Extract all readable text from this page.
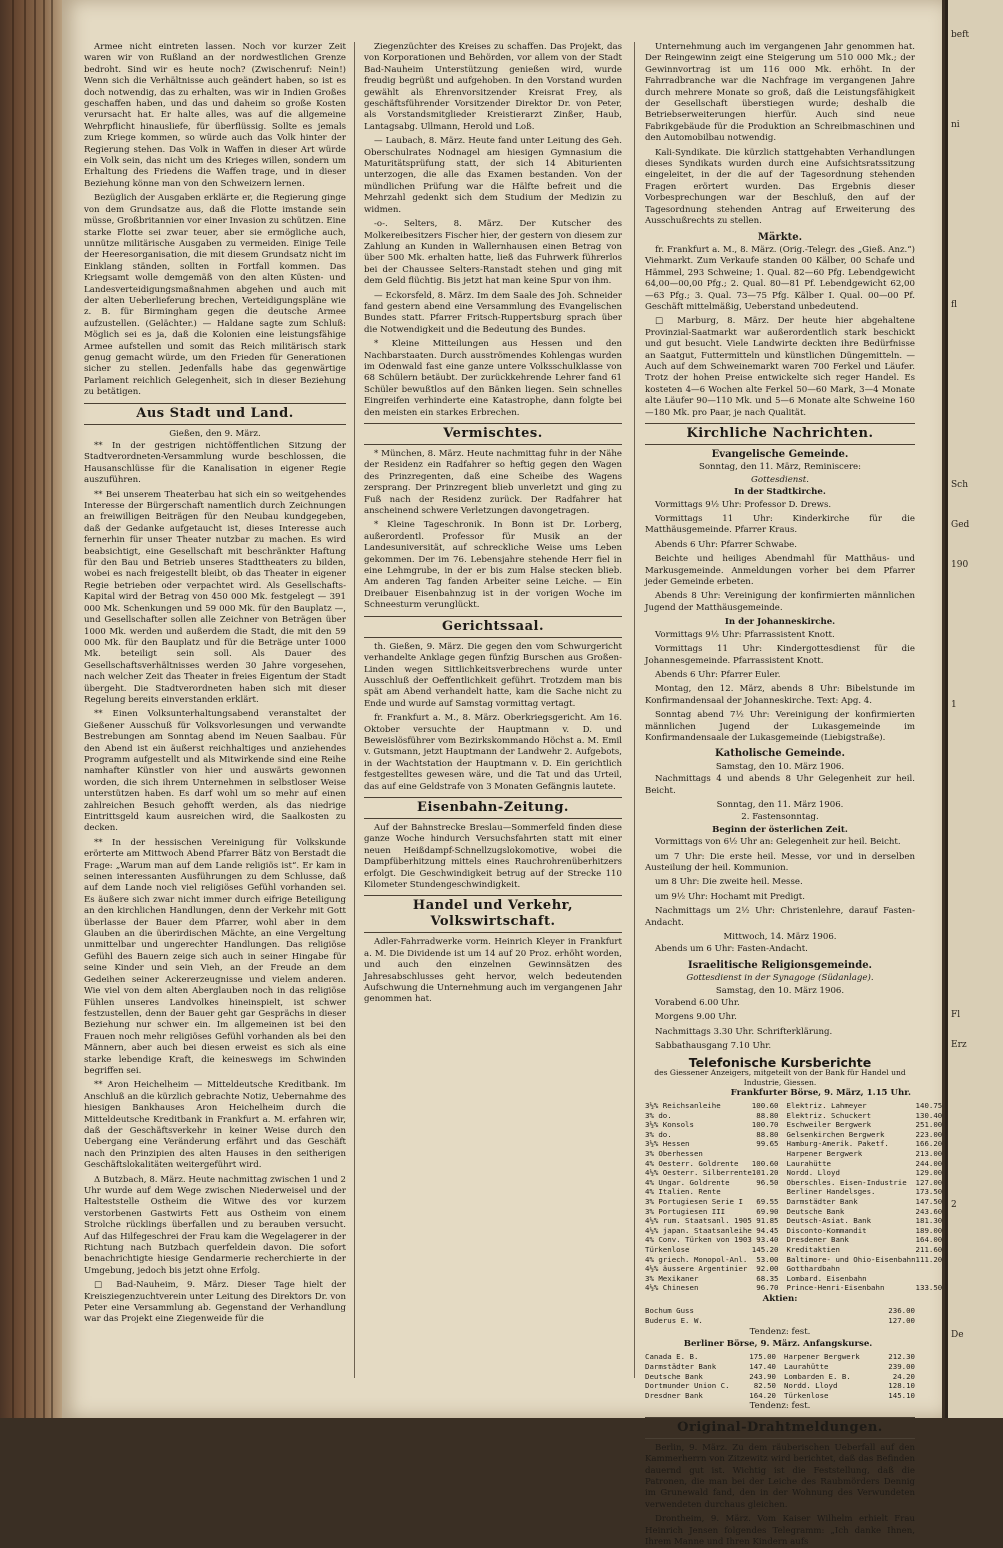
Armee nicht eintreten lassen. Noch vor kurzer Zeit waren wir von Rußland an der nordwestlichen Grenze bedroht. Sind wir es heute noch? (Zwischenruf: Nein!) Wenn sich die Verhältnisse auch geändert haben, so ist es doch notwendig, das zu erhalten, was wir in Indien Großes geschaffen haben, und das und daheim so große Kosten verursacht hat. Er halte alles, was auf die allgemeine Wehrpflicht hinausliefe, für überflüssig. Sollte es jemals zum Kriege kommen, so würde auch das Volk hinter der Regierung stehen. Das Volk in Waffen in dieser Art würde ein Volk sein, das nicht um des Krieges willen, sondern um Erhaltung des Friedens die Waffen trage, und in dieser Beziehung könne man von den Schweizern lernen.

Bezüglich der Ausgaben erklärte er, die Regierung ginge von dem Grundsatze aus, daß die Flotte imstande sein müsse, Großbritannien vor einer Invasion zu schützen. Eine starke Flotte sei zwar teuer, aber sie ermögliche auch, unnütze militärische Ausgaben zu vermeiden. Einige Teile der Heeresorganisation, die mit diesem Grundsatz nicht im Einklang ständen, sollten in Fortfall kommen. Das Kriegsamt wolle demgemäß von den alten Küsten- und Landesverteidigungsmaßnahmen abgehen und auch mit der alten Ueberlieferung brechen, Verteidigungspläne wie z. B. für Birmingham gegen die deutsche Armee aufzustellen. (Gelächter.) — Haldane sagte zum Schluß: Möglich sei es ja, daß die Kolonien eine leistungsfähige Armee aufstellen und somit das Reich militärisch stark genug gemacht würde, um den Frieden für Generationen sicher zu stellen. Jedenfalls habe das gegenwärtige Parlament reichlich Gelegenheit, sich in dieser Beziehung zu betätigen.

Aus Stadt und Land.
Gießen, den 9. März.

** In der gestrigen nichtöffentlichen Sitzung der Stadtverordneten-Versammlung wurde beschlossen, die Hausanschlüsse für die Kanalisation in eigener Regie auszuführen.

** Bei unserem Theaterbau hat sich ein so weitgehendes Interesse der Bürgerschaft namentlich durch Zeichnungen an freiwilligen Beiträgen für den Neubau kundgegeben, daß der Gedanke aufgetaucht ist, dieses Interesse auch fernerhin für unser Theater nutzbar zu machen. Es wird beabsichtigt, eine Gesellschaft mit beschränkter Haftung für den Bau und Betrieb unseres Stadttheaters zu bilden, wobei es nach freigestellt bleibt, ob das Theater in eigener Regie betrieben oder verpachtet wird. Als Gesellschafts-Kapital wird der Betrag von 450 000 Mk. festgelegt — 391 000 Mk. Schenkungen und 59 000 Mk. für den Bauplatz —, und Gesellschafter sollen alle Zeichner von Beträgen über 1000 Mk. werden und außerdem die Stadt, die mit den 59 000 Mk. für den Bauplatz und für die Beträge unter 1000 Mk. beteiligt sein soll. Als Dauer des Gesellschaftsverhältnisses werden 30 Jahre vorgesehen, nach welcher Zeit das Theater in freies Eigentum der Stadt übergeht. Die Stadtverordneten haben sich mit dieser Regelung bereits einverstanden erklärt.

** Einen Volksunterhaltungsabend veranstaltet der Gießener Ausschuß für Volksvorlesungen und verwandte Bestrebungen am Sonntag abend im Neuen Saalbau. Für den Abend ist ein äußerst reichhaltiges und anziehendes Programm aufgestellt und als Mitwirkende sind eine Reihe namhafter Künstler von hier und auswärts gewonnen worden, die sich ihrem Unternehmen in selbstloser Weise unterstützen haben. Es darf wohl um so mehr auf einen zahlreichen Besuch gehofft werden, als das niedrige Eintrittsgeld kaum ausreichen wird, die Saalkosten zu decken.

** In der hessischen Vereinigung für Volkskunde erörterte am Mittwoch Abend Pfarrer Bätz von Berstadt die Frage: „Warum man auf dem Lande religiös ist“. Er kam in seinen interessanten Ausführungen zu dem Schlusse, daß auf dem Lande noch viel religiöses Gefühl vorhanden sei. Es äußere sich zwar nicht immer durch eifrige Beteiligung an den kirchlichen Handlungen, denn der Verkehr mit Gott überlasse der Bauer dem Pfarrer, wohl aber in dem Glauben an die überirdischen Mächte, an eine Vergeltung unmittelbar und ungerechter Handlungen. Das religiöse Gefühl des Bauern zeige sich auch in seiner Hingabe für seine Kinder und sein Vieh, an der Freude an dem Gedeihen seiner Ackererzeugnisse und vielem anderen. Wie viel von dem alten Aberglauben noch in das religiöse Fühlen unseres Landvolkes hineinspielt, ist schwer festzustellen, denn der Bauer geht gar Gesprächs in dieser Beziehung nur schwer ein. Im allgemeinen ist bei den Frauen noch mehr religiöses Gefühl vorhanden als bei den Männern, aber auch bei diesen erweist es sich als eine starke lebendige Kraft, die keineswegs im Schwinden begriffen sei.

** Aron Heichelheim — Mitteldeutsche Kreditbank. Im Anschluß an die kürzlich gebrachte Notiz, Uebernahme des hiesigen Bankhauses Aron Heichelheim durch die Mitteldeutsche Kreditbank in Frankfurt a. M. erfahren wir, daß der Geschäftsverkehr in keiner Weise durch den Uebergang eine Veränderung erfährt und das Geschäft nach den Prinzipien des alten Hauses in den seitherigen Geschäftslokalitäten weitergeführt wird.

Δ Butzbach, 8. März. Heute nachmittag zwischen 1 und 2 Uhr wurde auf dem Wege zwischen Niederweisel und der Halteststelle Ostheim die Witwe des vor kurzem verstorbenen Gastwirts Fett aus Ostheim von einem Strolche rücklings überfallen und zu berauben versucht. Auf das Hilfegeschrei der Frau kam die Wegelagerer in der Richtung nach Butzbach querfeldein davon. Die sofort benachrichtigte hiesige Gendarmerie recherchierte in der Umgebung, jedoch bis jetzt ohne Erfolg.

□ Bad-Nauheim, 9. März. Dieser Tage hielt der Kreisziegenzuchtverein unter Leitung des Direktors Dr. von Peter eine Versammlung ab. Gegenstand der Verhandlung war das Projekt eine Ziegenweide für die

Ziegenzüchter des Kreises zu schaffen. Das Projekt, das von Korporationen und Behörden, vor allem von der Stadt Bad-Nauheim Unterstützung genießen wird, wurde freudig begrüßt und aufgehoben. In den Vorstand wurden gewählt als Ehrenvorsitzender Kreisrat Frey, als geschäftsführender Vorsitzender Direktor Dr. von Peter, als Vorstandsmitglieder Kreistierarzt Zinßer, Haub, Lantagsabg. Ullmann, Herold und Loß.

— Laubach, 8. März. Heute fand unter Leitung des Geh. Oberschulrates Nodnagel am hiesigen Gymnasium die Maturitätsprüfung statt, der sich 14 Abiturienten unterzogen, die alle das Examen bestanden. Von der mündlichen Prüfung war die Hälfte befreit und die Mehrzahl gedenkt sich dem Studium der Medizin zu widmen.

-o-. Selters, 8. März. Der Kutscher des Molkereibesitzers Fischer hier, der gestern von diesem zur Zahlung an Kunden in Wallernhausen einen Betrag von über 500 Mk. erhalten hatte, ließ das Fuhrwerk führerlos bei der Chaussee Selters-Ranstadt stehen und ging mit dem Geld flüchtig. Bis jetzt hat man keine Spur von ihm.

— Eckorsfeld, 8. März. Im dem Saale des Joh. Schneider fand gestern abend eine Versammlung des Evangelischen Bundes statt. Pfarrer Fritsch-Ruppertsburg sprach über die Notwendigkeit und die Bedeutung des Bundes.

* Kleine Mitteilungen aus Hessen und den Nachbarstaaten. Durch ausströmendes Kohlengas wurden im Odenwald fast eine ganze untere Volksschulklasse von 68 Schülern betäubt. Der zurückkehrende Lehrer fand 61 Schüler bewußtlos auf den Bänken liegen. Sein schnelles Eingreifen verhinderte eine Katastrophe, dann folgte bei den meisten ein starkes Erbrechen.

Vermischtes.

* München, 8. März. Heute nachmittag fuhr in der Nähe der Residenz ein Radfahrer so heftig gegen den Wagen des Prinzregenten, daß eine Scheibe des Wagens zersprang. Der Prinzregent blieb unverletzt und ging zu Fuß nach der Residenz zurück. Der Radfahrer hat anscheinend schwere Verletzungen davongetragen.

* Kleine Tageschronik. In Bonn ist Dr. Lorberg, außerordentl. Professor für Musik an der Landesuniversität, auf schreckliche Weise ums Leben gekommen. Der im 76. Lebensjahre stehende Herr fiel in eine Lehmgrube, in der er bis zum Halse stecken blieb. Am anderen Tag fanden Arbeiter seine Leiche. — Ein Dreibauer Eisenbahnzug ist in der vorigen Woche im Schneesturm verunglückt.

Gerichtssaal.

th. Gießen, 9. März. Die gegen den vom Schwurgericht verhandelte Anklage gegen fünfzig Burschen aus Großen-Linden wegen Sittlichkeitsverbrechens wurde unter Ausschluß der Oeffentlichkeit geführt. Trotzdem man bis spät am Abend verhandelt hatte, kam die Sache nicht zu Ende und wurde auf Samstag vormittag vertagt.

fr. Frankfurt a. M., 8. März. Oberkriegsgericht. Am 16. Oktober versuchte der Hauptmann v. D. und Beweislösführer vom Bezirkskommando Höchst a. M. Emil v. Gutsmann, jetzt Hauptmann der Landwehr 2. Aufgebots, in der Wachtstation der Hauptmann v. D. Ein gerichtlich festgestelltes gewesen wäre, und die Tat und das Urteil, das auf eine Geldstrafe von 3 Monaten Gefängnis lautete.

Eisenbahn-Zeitung.

Auf der Bahnstrecke Breslau—Sommerfeld finden diese ganze Woche hindurch Versuchsfahrten statt mit einer neuen Heißdampf-Schnellzugslokomotive, wobei die Dampfüberhitzung mittels eines Rauchrohrenüberhitzers erfolgt. Die Geschwindigkeit betrug auf der Strecke 110 Kilometer Stundengeschwindigkeit.

Handel und Verkehr, Volkswirtschaft.

Adler-Fahrradwerke vorm. Heinrich Kleyer in Frankfurt a. M. Die Dividende ist um 14 auf 20 Proz. erhöht worden, und auch den einzelnen Gewinnsätzen des Jahresabschlusses geht hervor, welch bedeutenden Aufschwung die Unternehmung auch im vergangenen Jahr genommen hat.

Unternehmung auch im vergangenen Jahr genommen hat. Der Reingewinn zeigt eine Steigerung um 510 000 Mk.; der Gewinnvortrag ist um 116 000 Mk. erhöht. In der Fahrradbranche war die Nachfrage im vergangenen Jahre durch mehrere Monate so groß, daß die Leistungsfähigkeit der Gesellschaft überstiegen wurde; deshalb die Betriebserweiterungen hierfür. Auch sind neue Fabrikgebäude für die Produktion an Schreibmaschinen und den Automobilbau notwendig.

Kali-Syndikate. Die kürzlich stattgehabten Verhandlungen dieses Syndikats wurden durch eine Aufsichtsratssitzung eingeleitet, in der die auf der Tagesordnung stehenden Fragen erörtert wurden. Das Ergebnis dieser Vorbesprechungen war der Beschluß, den auf der Tagesordnung stehenden Antrag auf Erweiterung des Ausschußrechts zu stellen.

Märkte.

fr. Frankfurt a. M., 8. März. (Orig.-Telegr. des „Gieß. Anz.“) Viehmarkt. Zum Verkaufe standen 00 Kälber, 00 Schafe und Hämmel, 293 Schweine; 1. Qual. 82—60 Pfg. Lebendgewicht 64,00—00,00 Pfg.; 2. Qual. 80—81 Pf. Lebendgewicht 62,00—63 Pfg.; 3. Qual. 73—75 Pfg. Kälber I. Qual. 00—00 Pf. Geschäft mittelmäßig, Ueberstand unbedeutend.

□ Marburg, 8. März. Der heute hier abgehaltene Provinzial-Saatmarkt war außerordentlich stark beschickt und gut besucht. Viele Landwirte deckten ihre Bedürfnisse an Saatgut, Futtermitteln und künstlichen Düngemitteln. — Auch auf dem Schweinemarkt waren 700 Ferkel und Läufer. Trotz der hohen Preise entwickelte sich reger Handel. Es kosteten 4—6 Wochen alte Ferkel 50—60 Mark, 3—4 Monate alte Läufer 90—110 Mk. und 5—6 Monate alte Schweine 160—180 Mk. pro Paar, je nach Qualität.

Kirchliche Nachrichten.
Evangelische Gemeinde.
Sonntag, den 11. März, Reminiscere:
Gottesdienst.
In der Stadtkirche.

Vormittags 9½ Uhr: Professor D. Drews.

Vormittags 11 Uhr: Kinderkirche für die Matthäusgemeinde. Pfarrer Kraus.

Abends 6 Uhr: Pfarrer Schwabe.

Beichte und heiliges Abendmahl für Matthäus- und Markusgemeinde. Anmeldungen vorher bei dem Pfarrer jeder Gemeinde erbeten.

Abends 8 Uhr: Vereinigung der konfirmierten männlichen Jugend der Matthäusgemeinde.

In der Johanneskirche.

Vormittags 9½ Uhr: Pfarrassistent Knott.

Vormittags 11 Uhr: Kindergottesdienst für die Johannesgemeinde. Pfarrassistent Knott.

Abends 6 Uhr: Pfarrer Euler.

Montag, den 12. März, abends 8 Uhr: Bibelstunde im Konfirmandensaal der Johanneskirche. Text: Apg. 4.

Sonntag abend 7½ Uhr: Vereinigung der konfirmierten männlichen Jugend der Lukasgemeinde im Konfirmandensaale der Lukasgemeinde (Liebigstraße).

Katholische Gemeinde.
Samstag, den 10. März 1906.

Nachmittags 4 und abends 8 Uhr Gelegenheit zur heil. Beicht.

Sonntag, den 11. März 1906.
2. Fastensonntag.
Beginn der österlichen Zeit.

Vormittags von 6½ Uhr an: Gelegenheit zur heil. Beicht.

um 7 Uhr: Die erste heil. Messe, vor und in derselben Austeilung der heil. Kommunion.

um 8 Uhr: Die zweite heil. Messe.

um 9½ Uhr: Hochamt mit Predigt.

Nachmittags um 2½ Uhr: Christenlehre, darauf Fasten-Andacht.

Mittwoch, 14. März 1906.

Abends um 6 Uhr: Fasten-Andacht.

Israelitische Religionsgemeinde.
Gottesdienst in der Synagoge (Südanlage).
Samstag, den 10. März 1906.

Vorabend 6.00 Uhr.

Morgens 9.00 Uhr.

Nachmittags 3.30 Uhr. Schrifterklärung.

Sabbathausgang 7.10 Uhr.

Telefonische Kursberichte
des Giessener Anzeigers, mitgeteilt von der Bank für Handel und Industrie, Giessen.
Frankfurter Börse, 9. März, 1.15 Uhr.
3½% Reichsanleihe	100.60
3% do.	88.80
3½% Konsols	100.70
3% do.	88.80
3½% Hessen	99.65
3% Oberhessen
4% Oesterr. Goldrente 100.60
4½% Oesterr. Silberrente 101.20
4% Ungar. Goldrente	96.50
4% Italien. Rente
3% Portugiesen Serie I 69.55
3% Portugiesen III	69.90
4½% rum. Staatsanl. 1905 91.85
4½% japan. Staatsanleihe 94.45
4% Conv. Türken von 1903 93.40
Türkenlose	145.20
4% griech. Monopol-Anl. 53.00
4½% äussere Argentinier 92.00
3% Mexikaner	68.35
4½% Chinesen	96.70
Elektriz. Lahmeyer	140.75
Elektriz. Schuckert	130.40
Eschweiler Bergwerk	251.00
Gelsenkirchen Bergwerk	223.00
Hamburg-Amerik. Paketf.	166.20
Harpener Bergwerk	213.00
Laurahütte	244.00
Nordd. Lloyd	129.00
Oberschles. Eisen-Industrie 127.00
Berliner Handelsges.	173.50
Darmstädter Bank	147.50
Deutsche Bank	243.60
Deutsch-Asiat. Bank	181.30
Disconto-Kommandit	189.00
Dresdener Bank	164.00
Kreditaktien	211.60
Baltimore- und Ohio-Eisenbahn 111.20
Gotthardbahn
Lombard. Eisenbahn
Prince-Henri-Eisenbahn	133.50
Aktien:
Bochum Guss	236.00
Buderus E. W.	127.00
Tendenz: fest.
Berliner Börse, 9. März. Anfangskurse.
Canada E. B.	175.00
Darmstädter Bank	147.40
Deutsche Bank	243.90
Dortmunder Union C.	82.50
Dresdner Bank	164.20
Harpener Bergwerk	212.30
Laurahütte	239.00
Lombarden E. B.	24.20
Nordd. Lloyd	128.10
Türkenlose	145.10
Tendenz: fest.
Original-Drahtmeldungen.

Berlin, 9. März. Zu dem räuberischen Ueberfall auf den Kammerherrn von Zitzewitz wird berichtet, daß das Befinden dauernd gut ist. Wichtig ist die Feststellung, daß die Patronen, die man bei der Leiche des Raubmörders Dennig im Grunewald fand, den in der Wohnung des Verwundeten verwendeten durchaus gleichen.

Drontheim, 9. März. Vom Kaiser Wilhelm erhielt Frau Heinrich Jensen folgendes Telegramm: „Ich danke Ihnen, Ihrem Manne und Ihren Kindern aufs

beft
ni
fl
Sch
Ged
190
1
Fl
Erz
2
De
